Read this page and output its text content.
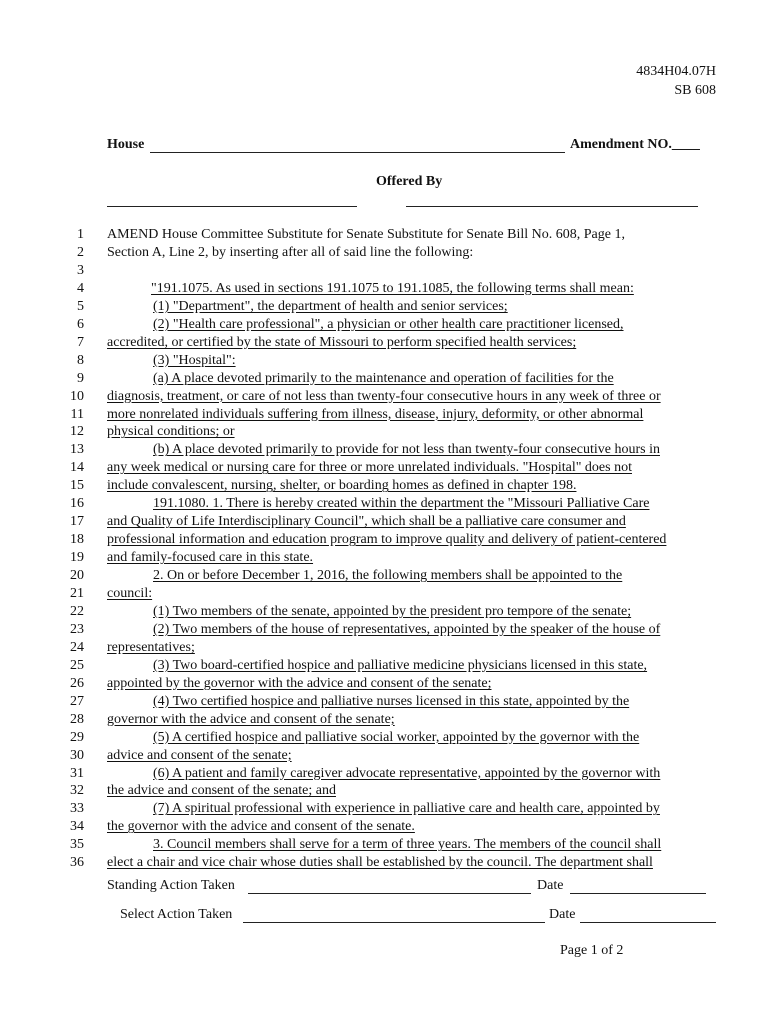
4834H04.07H
SB 608
House	Amendment NO.____
Offered By
1 AMEND House Committee Substitute for Senate Substitute for Senate Bill No. 608, Page 1,
2 Section A, Line 2, by inserting after all of said line the following:
3
4	"191.1075. As used in sections 191.1075 to 191.1085, the following terms shall mean:
5	(1) "Department", the department of health and senior services;
6	(2) "Health care professional", a physician or other health care practitioner licensed,
7 accredited, or certified by the state of Missouri to perform specified health services;
8	(3) "Hospital":
9	(a) A place devoted primarily to the maintenance and operation of facilities for the
10 diagnosis, treatment, or care of not less than twenty-four consecutive hours in any week of three or
11 more nonrelated individuals suffering from illness, disease, injury, deformity, or other abnormal
12 physical conditions; or
13	(b) A place devoted primarily to provide for not less than twenty-four consecutive hours in
14 any week medical or nursing care for three or more unrelated individuals. "Hospital" does not
15 include convalescent, nursing, shelter, or boarding homes as defined in chapter 198.
16	191.1080. 1. There is hereby created within the department the "Missouri Palliative Care
17 and Quality of Life Interdisciplinary Council", which shall be a palliative care consumer and
18 professional information and education program to improve quality and delivery of patient-centered
19 and family-focused care in this state.
20	2. On or before December 1, 2016, the following members shall be appointed to the
21 council:
22	(1) Two members of the senate, appointed by the president pro tempore of the senate;
23	(2) Two members of the house of representatives, appointed by the speaker of the house of
24 representatives;
25	(3) Two board-certified hospice and palliative medicine physicians licensed in this state,
26 appointed by the governor with the advice and consent of the senate;
27	(4) Two certified hospice and palliative nurses licensed in this state, appointed by the
28 governor with the advice and consent of the senate;
29	(5) A certified hospice and palliative social worker, appointed by the governor with the
30 advice and consent of the senate;
31	(6) A patient and family caregiver advocate representative, appointed by the governor with
32 the advice and consent of the senate; and
33	(7) A spiritual professional with experience in palliative care and health care, appointed by
34 the governor with the advice and consent of the senate.
35	3. Council members shall serve for a term of three years. The members of the council shall
36 elect a chair and vice chair whose duties shall be established by the council. The department shall
Standing Action Taken	Date
Select Action Taken	Date
Page 1 of 2
